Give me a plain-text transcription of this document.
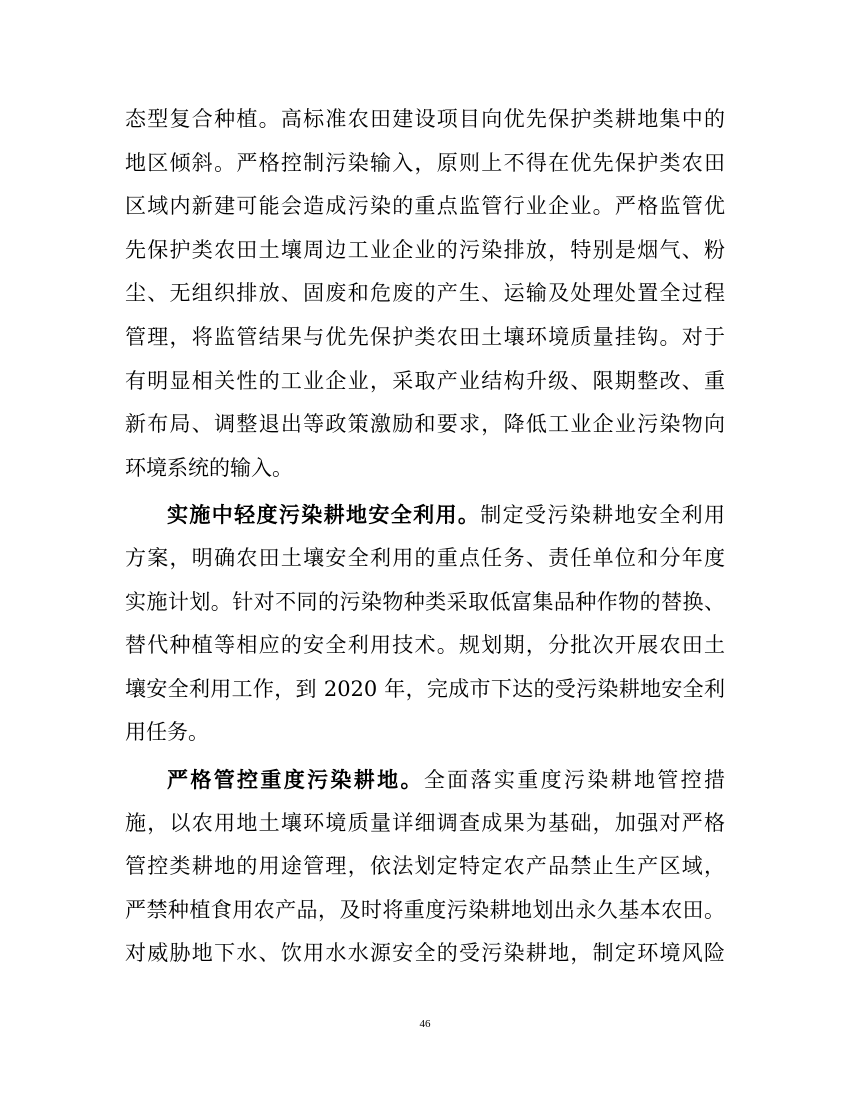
态型复合种植。高标准农田建设项目向优先保护类耕地集中的
地区倾斜。严格控制污染输入，原则上不得在优先保护类农田
区域内新建可能会造成污染的重点监管行业企业。严格监管优
先保护类农田土壤周边工业企业的污染排放，特别是烟气、粉
尘、无组织排放、固废和危废的产生、运输及处理处置全过程
管理，将监管结果与优先保护类农田土壤环境质量挂钩。对于
有明显相关性的工业企业，采取产业结构升级、限期整改、重
新布局、调整退出等政策激励和要求，降低工业企业污染物向
环境系统的输入。
实施中轻度污染耕地安全利用。制定受污染耕地安全利用
方案，明确农田土壤安全利用的重点任务、责任单位和分年度
实施计划。针对不同的污染物种类采取低富集品种作物的替换、
替代种植等相应的安全利用技术。规划期，分批次开展农田土
壤安全利用工作，到 2020 年，完成市下达的受污染耕地安全利
用任务。
严格管控重度污染耕地。全面落实重度污染耕地管控措
施，以农用地土壤环境质量详细调查成果为基础，加强对严格
管控类耕地的用途管理，依法划定特定农产品禁止生产区域，
严禁种植食用农产品，及时将重度污染耕地划出永久基本农田。
对威胁地下水、饮用水水源安全的受污染耕地，制定环境风险
46
